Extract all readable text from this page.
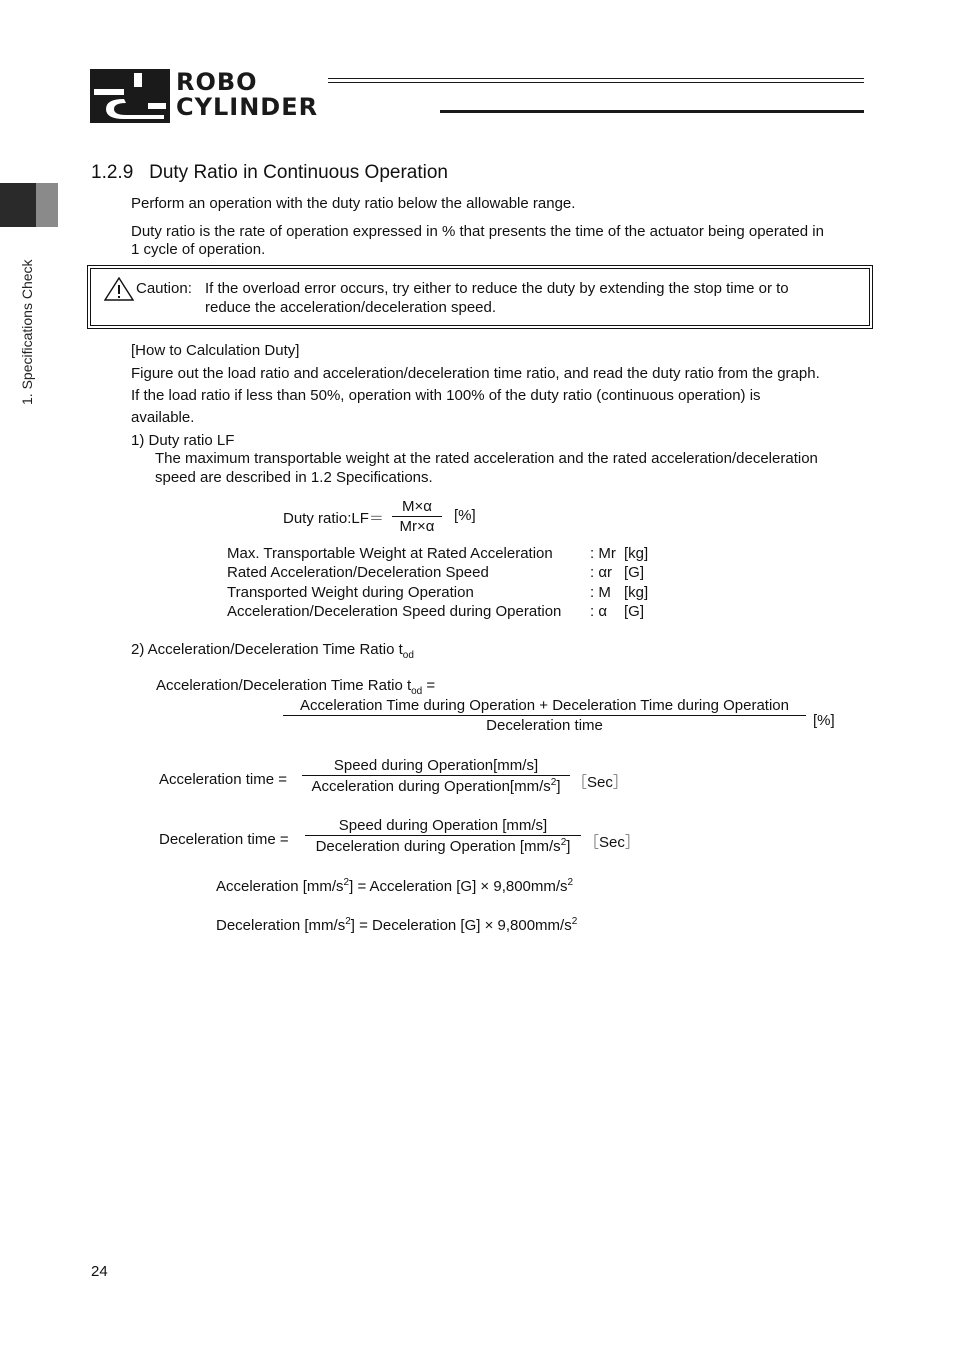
ROBO
CYLINDER
1. Specifications Check
1.2.9 Duty Ratio in Continuous Operation
Perform an operation with the duty ratio below the allowable range.
Duty ratio is the rate of operation expressed in % that presents the time of the actuator being operated in
1 cycle of operation.
Caution: If the overload error occurs, try either to reduce the duty by extending the stop time or to
reduce the acceleration/deceleration speed.
[How to Calculation Duty]
Figure out the load ratio and acceleration/deceleration time ratio, and read the duty ratio from the graph.
If the load ratio if less than 50%, operation with 100% of the duty ratio (continuous operation) is
available.
1) Duty ratio LF
The maximum transportable weight at the rated acceleration and the rated acceleration/deceleration
speed are described in 1.2 Specifications.
Duty ratio:LF＝
M×α
Mr×α
[%]
Max. Transportable Weight at Rated Acceleration : Mr [kg]
Rated Acceleration/Deceleration Speed	: αr [G]
Transported Weight during Operation	: M [kg]
Acceleration/Deceleration Speed during Operation : α [G]
2) Acceleration/Deceleration Time Ratio $t_{od}$
Acceleration/Deceleration Time Ratio $t_{od}$ =
Acceleration Time during Operation + Deceleration Time during Operation
Deceleration time	[%]
Acceleration time =
Speed during Operation[mm/s]
Acceleration during $Operation[mm/s^2]$ ［Sec］
Deceleration time =
Speed during Operation [mm/s]
Deceleration during Operation $[mm/s^2]$ ［Sec］
Acceleration $[mm/s^2]$ = Acceleration $[G] \times 9,800mm/s^2$
Deceleration $[mm/s^2]$ = Deceleration $[G] \times 9,800mm/s^2$
24
